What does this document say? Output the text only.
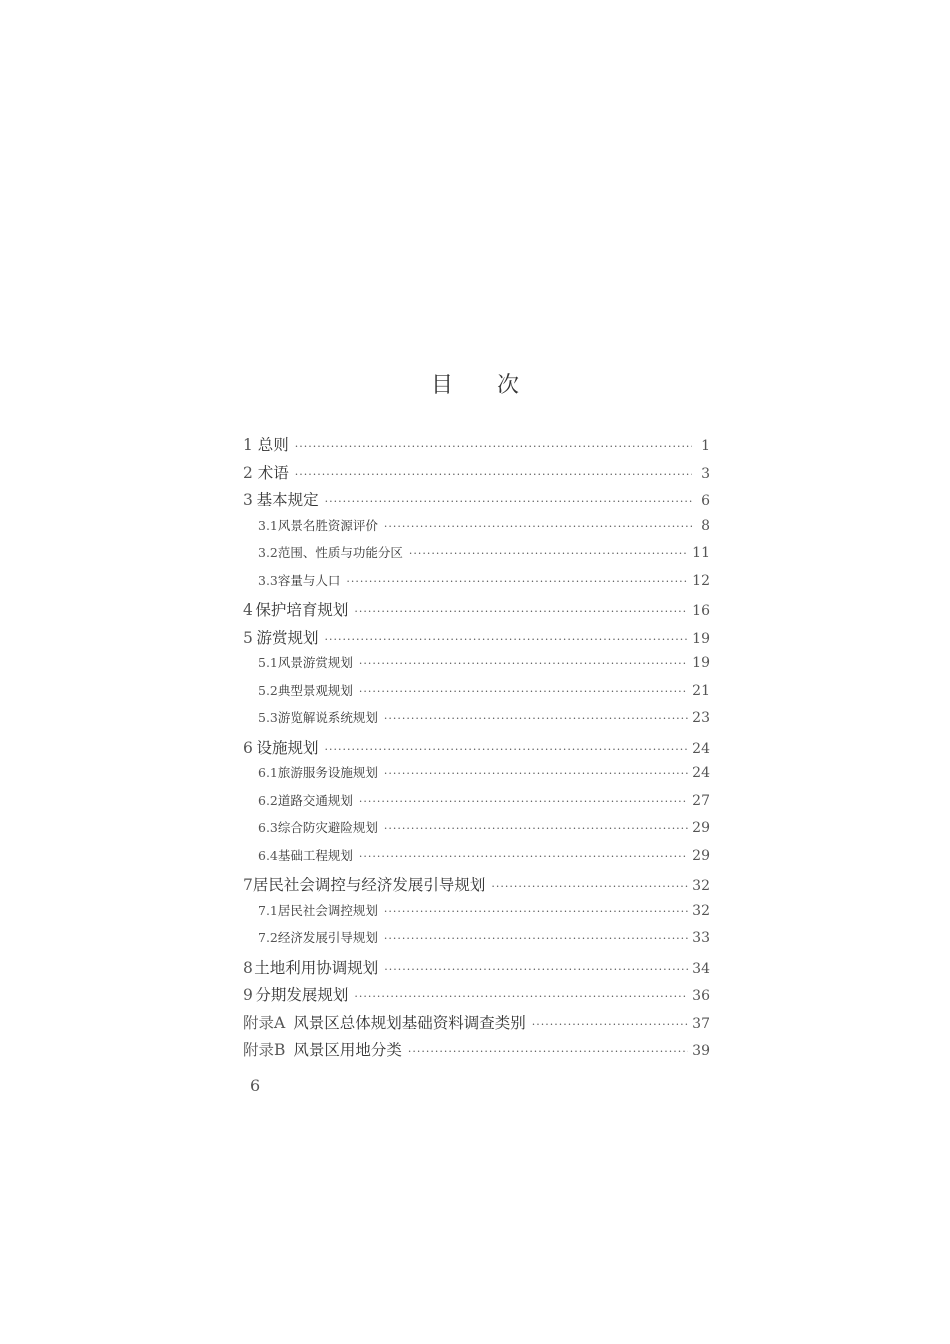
目 次
1 总则 ·····	1
2 术语 ·····	3
3 基本规定 ·····	6
3.1 风景名胜资源评价 ·····	8
3.2 范围、性质与功能分区 ·····	11
3.3 容量与人口 ·····	12
4 保护培育规划 ·····	16
5 游赏规划 ·····	19
5.1 风景游赏规划 ·····	19
5.2 典型景观规划 ·····	21
5.3 游览解说系统规划 ·····	23
6 设施规划 ·····	24
6.1 旅游服务设施规划 ·····	24
6.2 道路交通规划 ·····	27
6.3 综合防灾避险规划 ·····	29
6.4 基础工程规划 ·····	29
7 居民社会调控与经济发展引导规划 ·····	32
7.1 居民社会调控规划 ·····	32
7.2 经济发展引导规划 ·····	33
8 土地利用协调规划 ·····	34
9 分期发展规划 ·····	36
附录A 风景区总体规划基础资料调查类别 ·····	37
附录B 风景区用地分类 ·····	39
6
